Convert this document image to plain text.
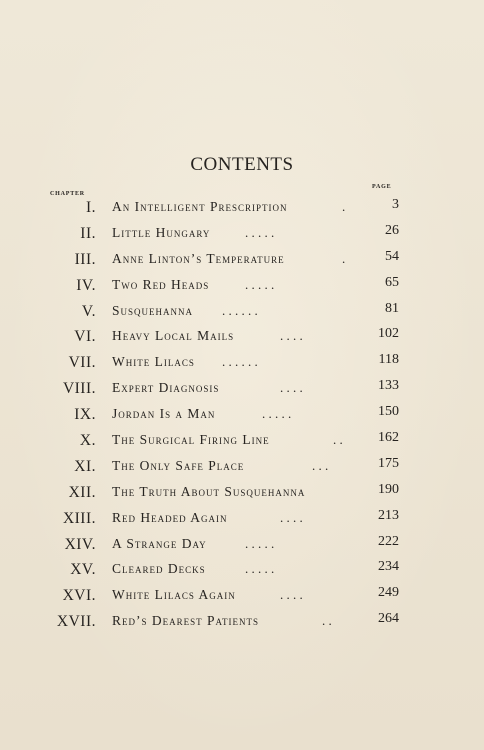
CONTENTS
CHAPTER
PAGE
I. An Intelligent Prescription	.	3
II. Little Hungary	. . . . .	26
III. Anne Linton’s Temperature	.	54
IV. Two Red Heads	. . . . .	65
V. Susquehanna . . . . . .	81
VI. Heavy Local Mails	. . . .	102
VII. White Lilacs . . . . . .	118
VIII. Expert Diagnosis	. . . .	133
IX. Jordan Is a Man	. . . . .	150
X. The Surgical Firing Line	. .	162
XI. The Only Safe Place	. . .	175
XII. The Truth About Susquehanna	190
XIII. Red Headed Again	. . . .	213
XIV. A Strange Day	. . . . .	222
XV. Cleared Decks	. . . . .	234
XVI. White Lilacs Again	. . . .	249
XVII. Red’s Dearest Patients	. .	264
